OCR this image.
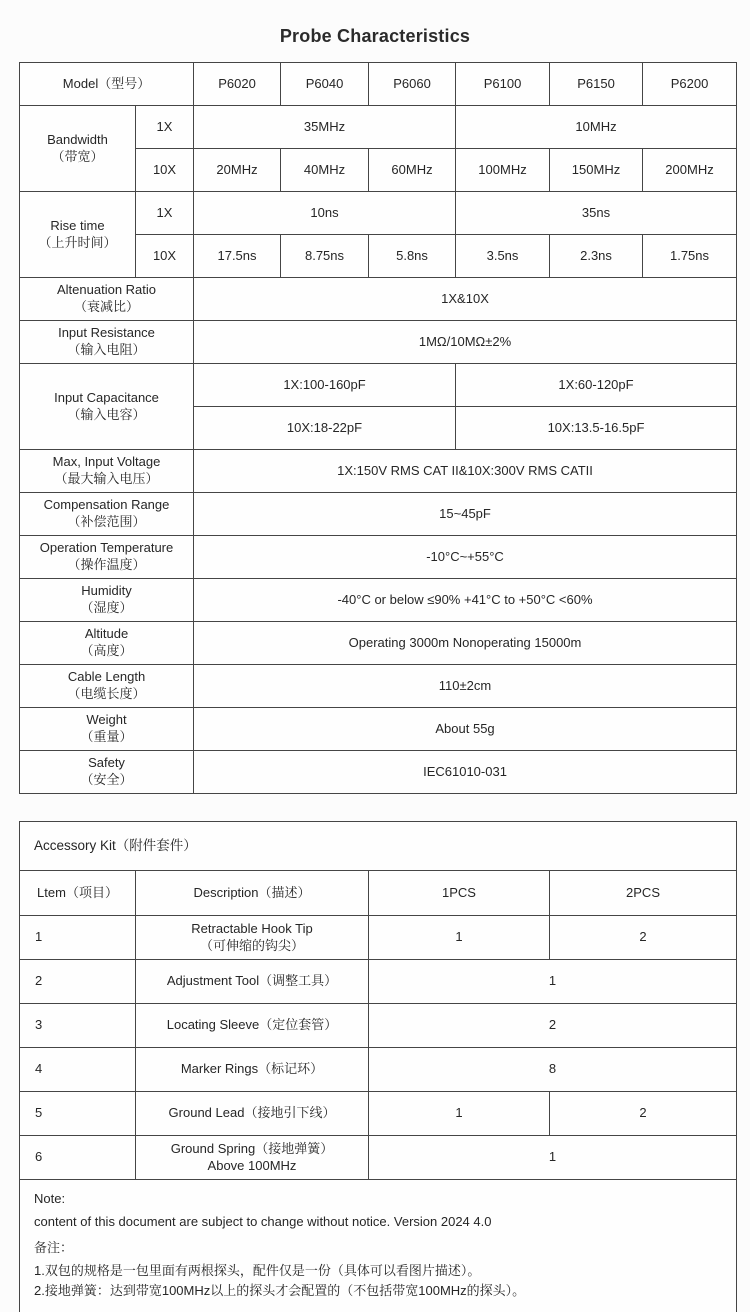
Probe Characteristics
Model（型号）		P6020	P6040	P6060	P6100	P6150	P6200

Bandwidth
（带宽）	1X	35MHz			10MHz		
	10X	20MHz	40MHz	60MHz	100MHz	150MHz	200MHz

Rise time
（上升时间）	1X	10ns			35ns		
	10X	17.5ns	8.75ns	5.8ns	3.5ns	2.3ns	1.75ns

Altenuation Ratio
（衰减比）		1X&10X					

Input Resistance
（输入电阻）		1MΩ/10MΩ±2%					

Input Capacitance
（输入电容）		1X:100-160pF			1X:60-120pF		
		10X:18-22pF			10X:13.5-16.5pF		

Max, Input Voltage
（最大输入电压）		1X:150V RMS CAT II&10X:300V RMS CATII					

Compensation Range
（补偿范围）		15~45pF					

Operation Temperature
（操作温度）		-10°C~+55°C					

Humidity
（湿度）		-40°C or below ≤90% +41°C to +50°C <60%					

Altitude
（高度）		Operating 3000m Nonoperating 15000m					

Cable Length
（电缆长度）		110±2cm					

Weight
（重量）		About 55g					

Safety
（安全）		IEC61010-031					
Accessory Kit（附件套件）			
Ltem（项目）	Description（描述）	1PCS	2PCS
1	Retractable Hook Tip
（可伸缩的钩尖）	1	2
2	Adjustment Tool（调整工具）	1	
3	Locating Sleeve（定位套管）	2	
4	Marker Rings（标记环）	8	
5	Ground Lead（接地引下线）	1	2
6	Ground Spring（接地弹簧）
Above 100MHz	1	

Note:

content of this document are subject to change without notice. Version 2024 4.0

备注：

1.双包的规格是一包里面有两根探头，配件仅是一份（具体可以看图片描述）。

2.接地弹簧：达到带宽100MHz以上的探头才会配置的（不包括带宽100MHz的探头）。			
